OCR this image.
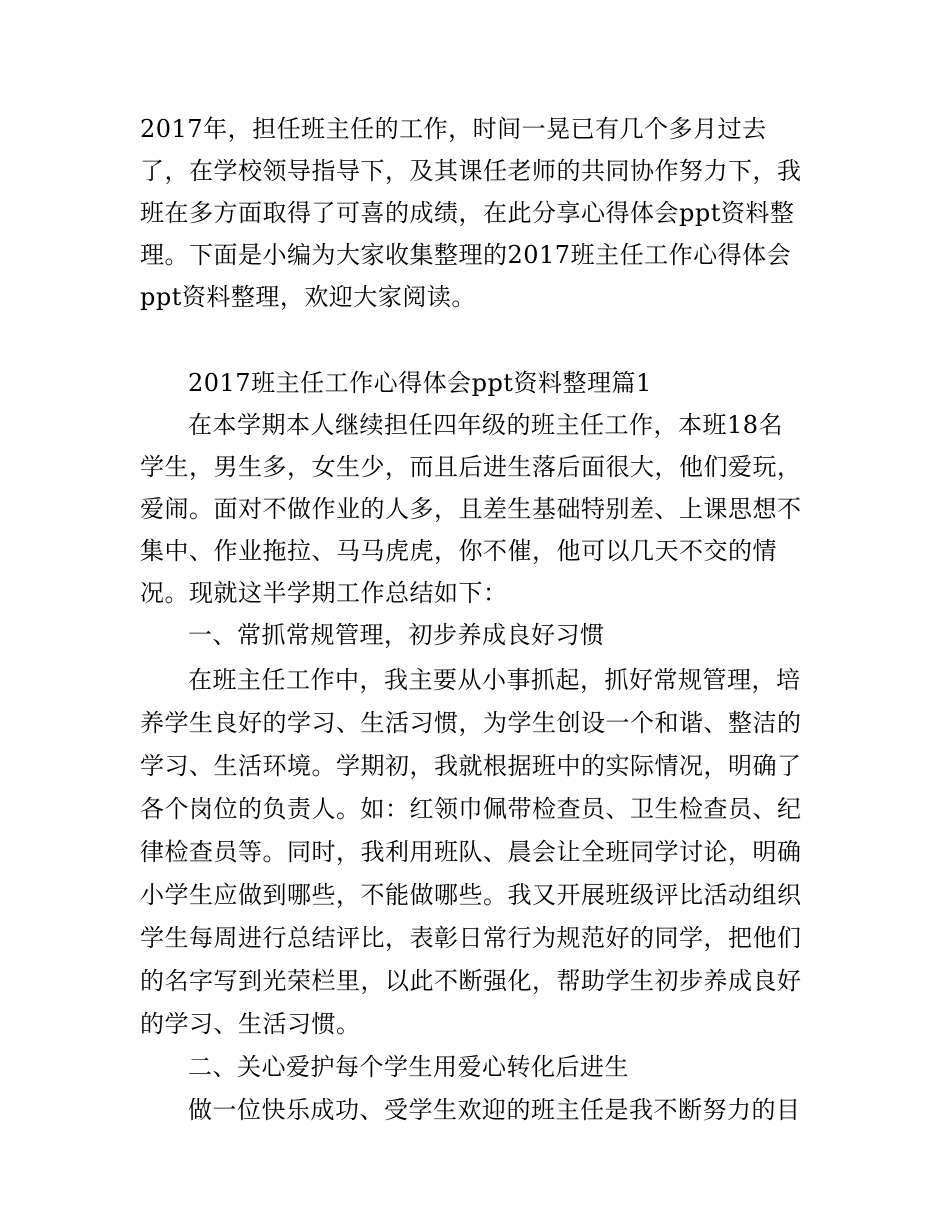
2017年，担任班主任的工作，时间一晃已有几个多月过去
了，在学校领导指导下，及其课任老师的共同协作努力下，我
班在多方面取得了可喜的成绩，在此分享心得体会ppt资料整
理。下面是小编为大家收集整理的2017班主任工作心得体会
ppt资料整理，欢迎大家阅读。
2017班主任工作心得体会ppt资料整理篇1
在本学期本人继续担任四年级的班主任工作，本班18名
学生，男生多，女生少，而且后进生落后面很大，他们爱玩，
爱闹。面对不做作业的人多，且差生基础特别差、上课思想不
集中、作业拖拉、马马虎虎，你不催，他可以几天不交的情
况。现就这半学期工作总结如下：
一、常抓常规管理，初步养成良好习惯
在班主任工作中，我主要从小事抓起，抓好常规管理，培
养学生良好的学习、生活习惯，为学生创设一个和谐、整洁的
学习、生活环境。学期初，我就根据班中的实际情况，明确了
各个岗位的负责人。如：红领巾佩带检查员、卫生检查员、纪
律检查员等。同时，我利用班队、晨会让全班同学讨论，明确
小学生应做到哪些，不能做哪些。我又开展班级评比活动组织
学生每周进行总结评比，表彰日常行为规范好的同学，把他们
的名字写到光荣栏里，以此不断强化，帮助学生初步养成良好
的学习、生活习惯。
二、关心爱护每个学生用爱心转化后进生
做一位快乐成功、受学生欢迎的班主任是我不断努力的目
